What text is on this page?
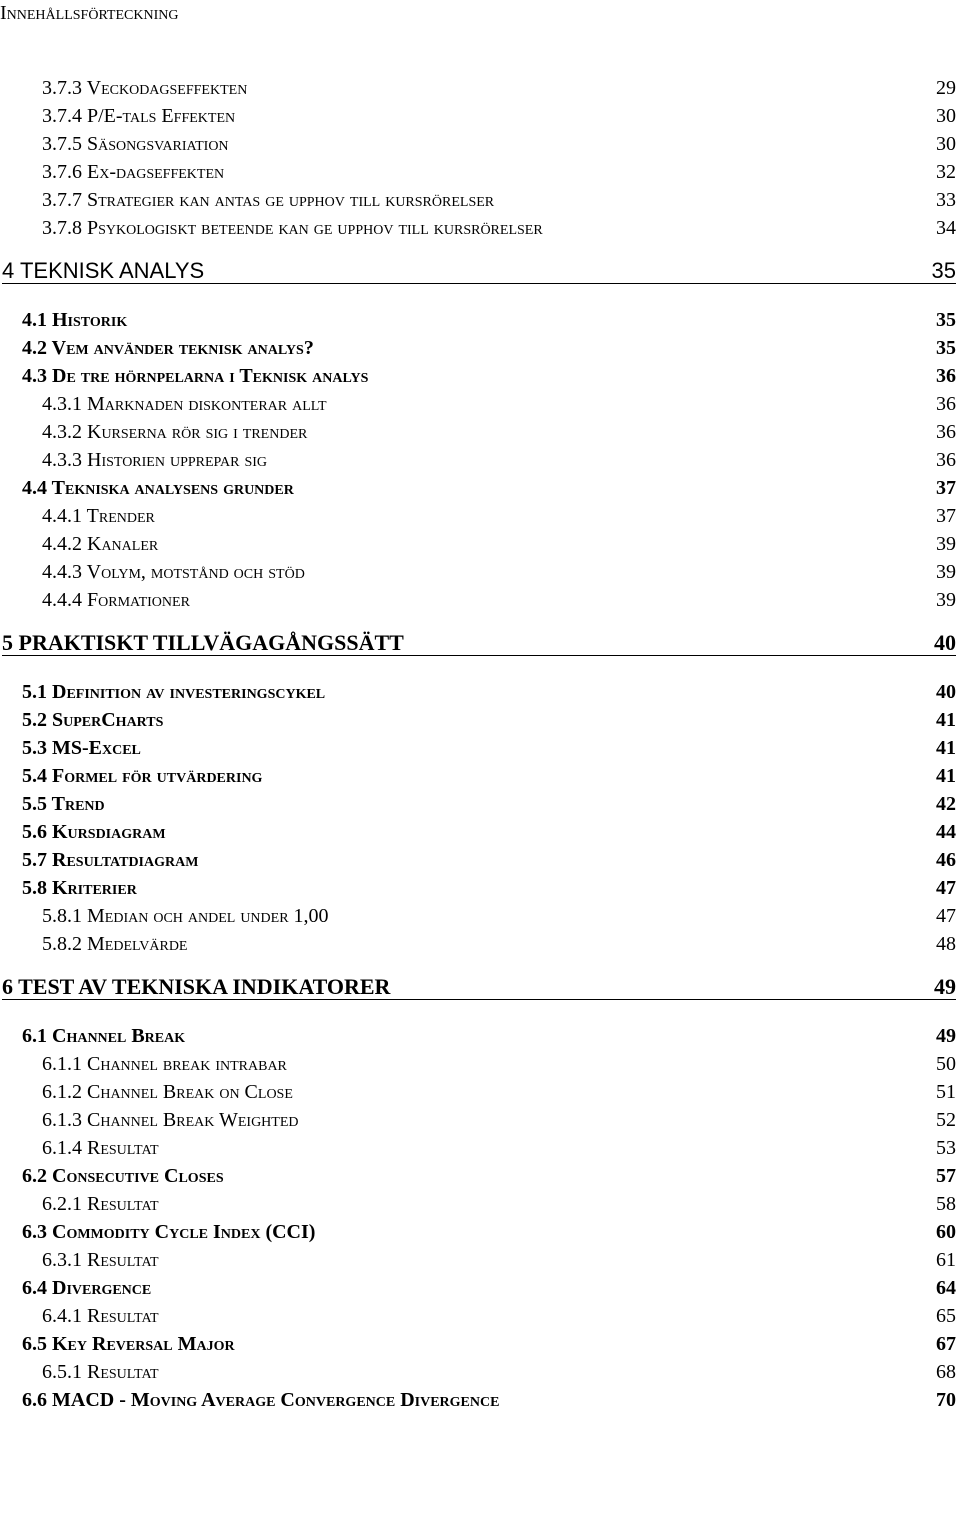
Innehållsförteckning
3.7.3 Veckodagseffekten	29
3.7.4 P/E-tals Effekten	30
3.7.5 Säsongsvariation	30
3.7.6 Ex-dagseffekten	32
3.7.7 Strategier kan antas ge upphov till kursrörelser	33
3.7.8 Psykologiskt beteende kan ge upphov till kursrörelser	34
4 TEKNISK ANALYS	35
4.1 Historik	35
4.2 Vem använder teknisk analys?	35
4.3 De tre hörnpelarna i Teknisk analys	36
4.3.1 Marknaden diskonterar allt	36
4.3.2 Kurserna rör sig i trender	36
4.3.3 Historien upprepar sig	36
4.4 Tekniska analysens grunder	37
4.4.1 Trender	37
4.4.2 Kanaler	39
4.4.3 Volym, motstånd och stöd	39
4.4.4 Formationer	39
5 PRAKTISKT TILLVÄGAGÅNGSSÄTT	40
5.1 Definition av investeringscykel	40
5.2 SuperCharts	41
5.3 MS-Excel	41
5.4 Formel för utvärdering	41
5.5 Trend	42
5.6 Kursdiagram	44
5.7 Resultatdiagram	46
5.8 Kriterier	47
5.8.1 Median och andel under 1,00	47
5.8.2 Medelvärde	48
6 TEST AV TEKNISKA INDIKATORER	49
6.1 Channel Break	49
6.1.1 Channel break intrabar	50
6.1.2 Channel Break on Close	51
6.1.3 Channel Break Weighted	52
6.1.4 Resultat	53
6.2 Consecutive Closes	57
6.2.1 Resultat	58
6.3 Commodity Cycle Index (CCI)	60
6.3.1 Resultat	61
6.4 Divergence	64
6.4.1 Resultat	65
6.5 Key Reversal Major	67
6.5.1 Resultat	68
6.6 MACD - Moving Average Convergence Divergence	70
